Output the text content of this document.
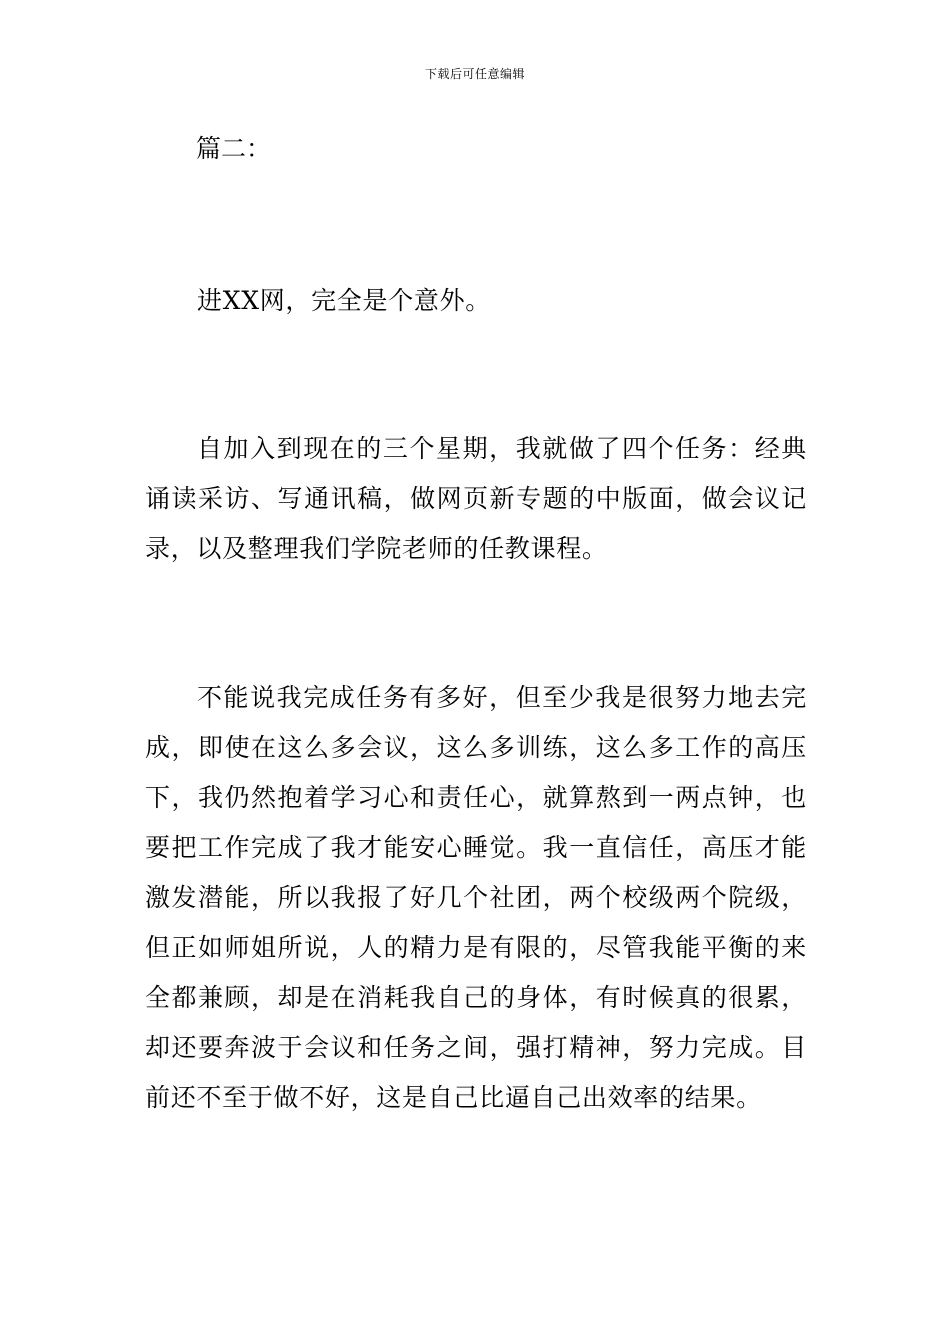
下载后可任意编辑
篇二：

进XX网，完全是个意外。

自加入到现在的三个星期，我就做了四个任务：经典诵读采访、写通讯稿，做网页新专题的中版面，做会议记录，以及整理我们学院老师的任教课程。

不能说我完成任务有多好，但至少我是很努力地去完成，即使在这么多会议，这么多训练，这么多工作的高压下，我仍然抱着学习心和责任心，就算熬到一两点钟，也要把工作完成了我才能安心睡觉。我一直信任，高压才能激发潜能，所以我报了好几个社团，两个校级两个院级，但正如师姐所说，人的精力是有限的，尽管我能平衡的来全都兼顾，却是在消耗我自己的身体，有时候真的很累，却还要奔波于会议和任务之间，强打精神，努力完成。目前还不至于做不好，这是自己比逼自己出效率的结果。
